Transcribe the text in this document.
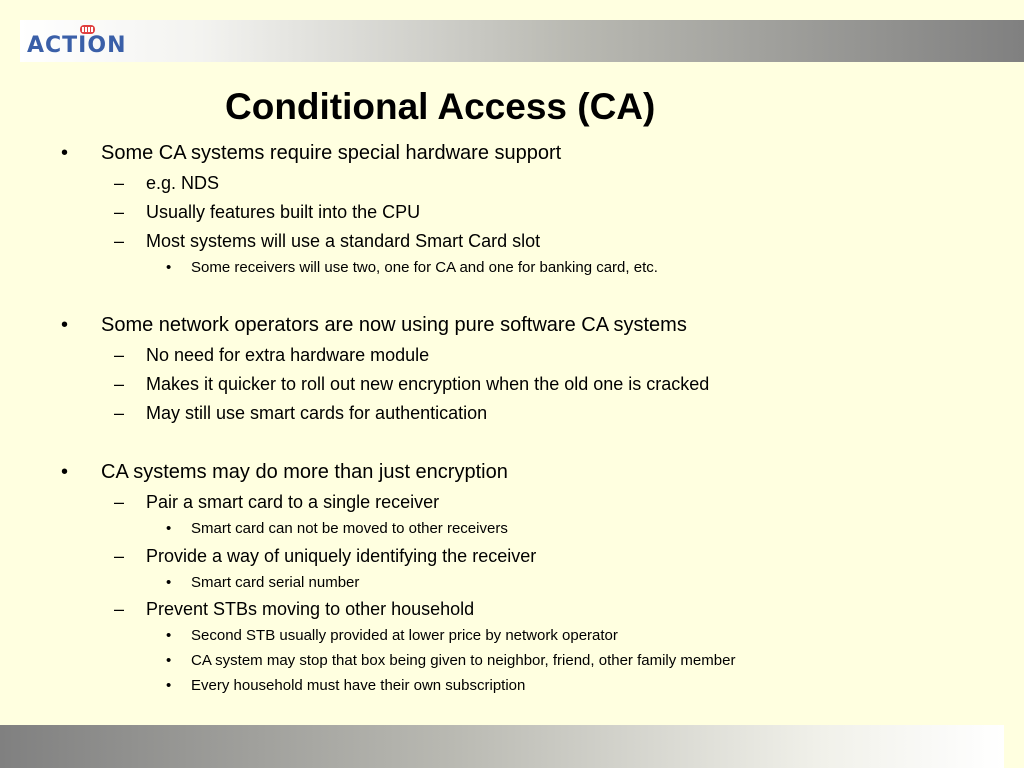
ACTION
Conditional Access (CA)
• Some CA systems require special hardware support
– e.g. NDS
– Usually features built into the CPU
– Most systems will use a standard Smart Card slot
• Some receivers will use two, one for CA and one for banking card, etc.
• Some network operators are now using pure software CA systems
– No need for extra hardware module
– Makes it quicker to roll out new encryption when the old one is cracked
– May still use smart cards for authentication
• CA systems may do more than just encryption
– Pair a smart card to a single receiver
• Smart card can not be moved to other receivers
– Provide a way of uniquely identifying the receiver
• Smart card serial number
– Prevent STBs moving to other household
• Second STB usually provided at lower price by network operator
• CA system may stop that box being given to neighbor, friend, other family member
• Every household must have their own subscription
